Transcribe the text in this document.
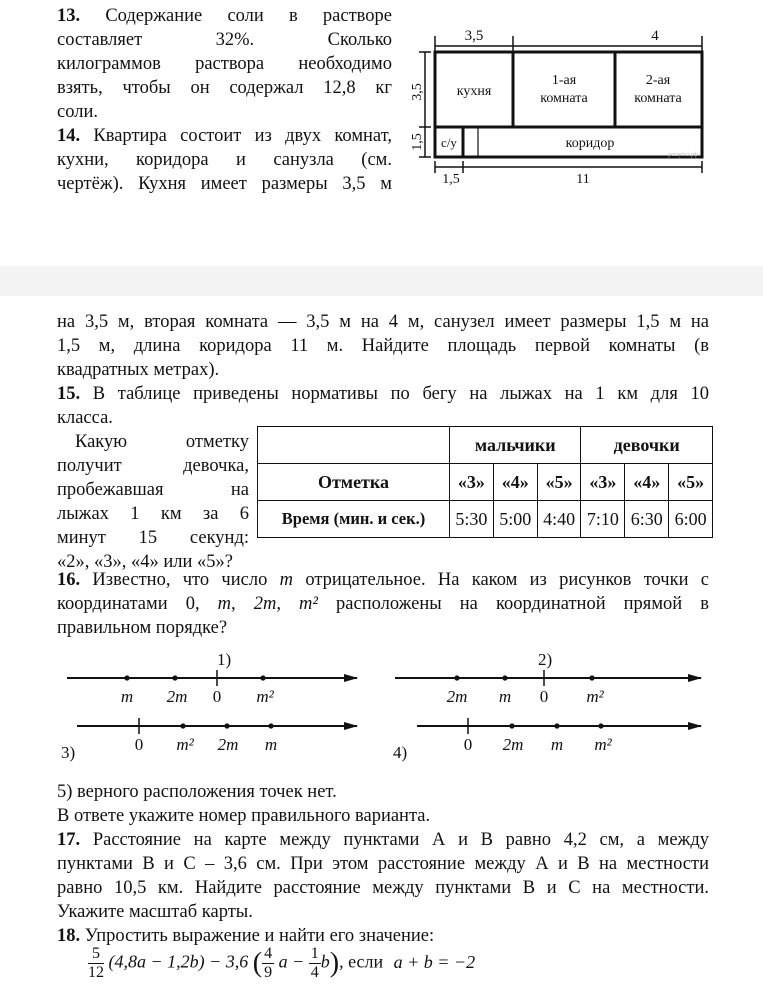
13. Содержание соли в растворе
составляет 32%. Сколько
килограммов раствора необходимо
взять, чтобы он содержал 12,8 кг
соли.
14. Квартира состоит из двух комнат,
кухни, коридора и санузла (см.
чертёж). Кухня имеет размеры 3,5 м
3,5	4
3,5
1,5
кухня
1-ая
комната
2-ая
комната
с/у	коридор
решуогэ.рф
1,5	11
на 3,5 м, вторая комната — 3,5 м на 4 м, санузел имеет размеры 1,5 м на
1,5 м, длина коридора 11 м. Найдите площадь первой комнаты (в
квадратных метрах).
15. В таблице приведены нормативы по бегу на лыжах на 1 км для 10
класса.
Какую отметку
получит девочка,
пробежавшая на
лыжах 1 км за 6
минут 15 секунд:
«2», «3», «4» или «5»?
	мальчики			девочки		
Отметка	«3»	«4»	«5»	«3»	«4»	«5»
Время (мин. и сек.)	5:30	5:00	4:40	7:10	6:30	6:00
16. Известно, что число m отрицательное. На каком из рисунков точки с
координатами 0, m, 2m, m² расположены на координатной прямой в
правильном порядке?
1)
m 2m 0 m²
2)
2m m 0 m²
3)	0 m² 2m m	4)	0 2m m m²
5) верного расположения точек нет.
В ответе укажите номер правильного варианта.
17. Расстояние на карте между пунктами А и В равно 4,2 см, а между
пунктами В и С – 3,6 см. При этом расстояние между А и В на местности
равно 10,5 км. Найдите расстояние между пунктами В и С на местности.
Укажите масштаб карты.
18. Упростить выражение и найти его значение:
$\frac{5}{12} (4,8a - 1,2b) - 3,6$ ( $\frac{4}{9}$ $a - \frac{1}{4} b$), если a + b = −2
